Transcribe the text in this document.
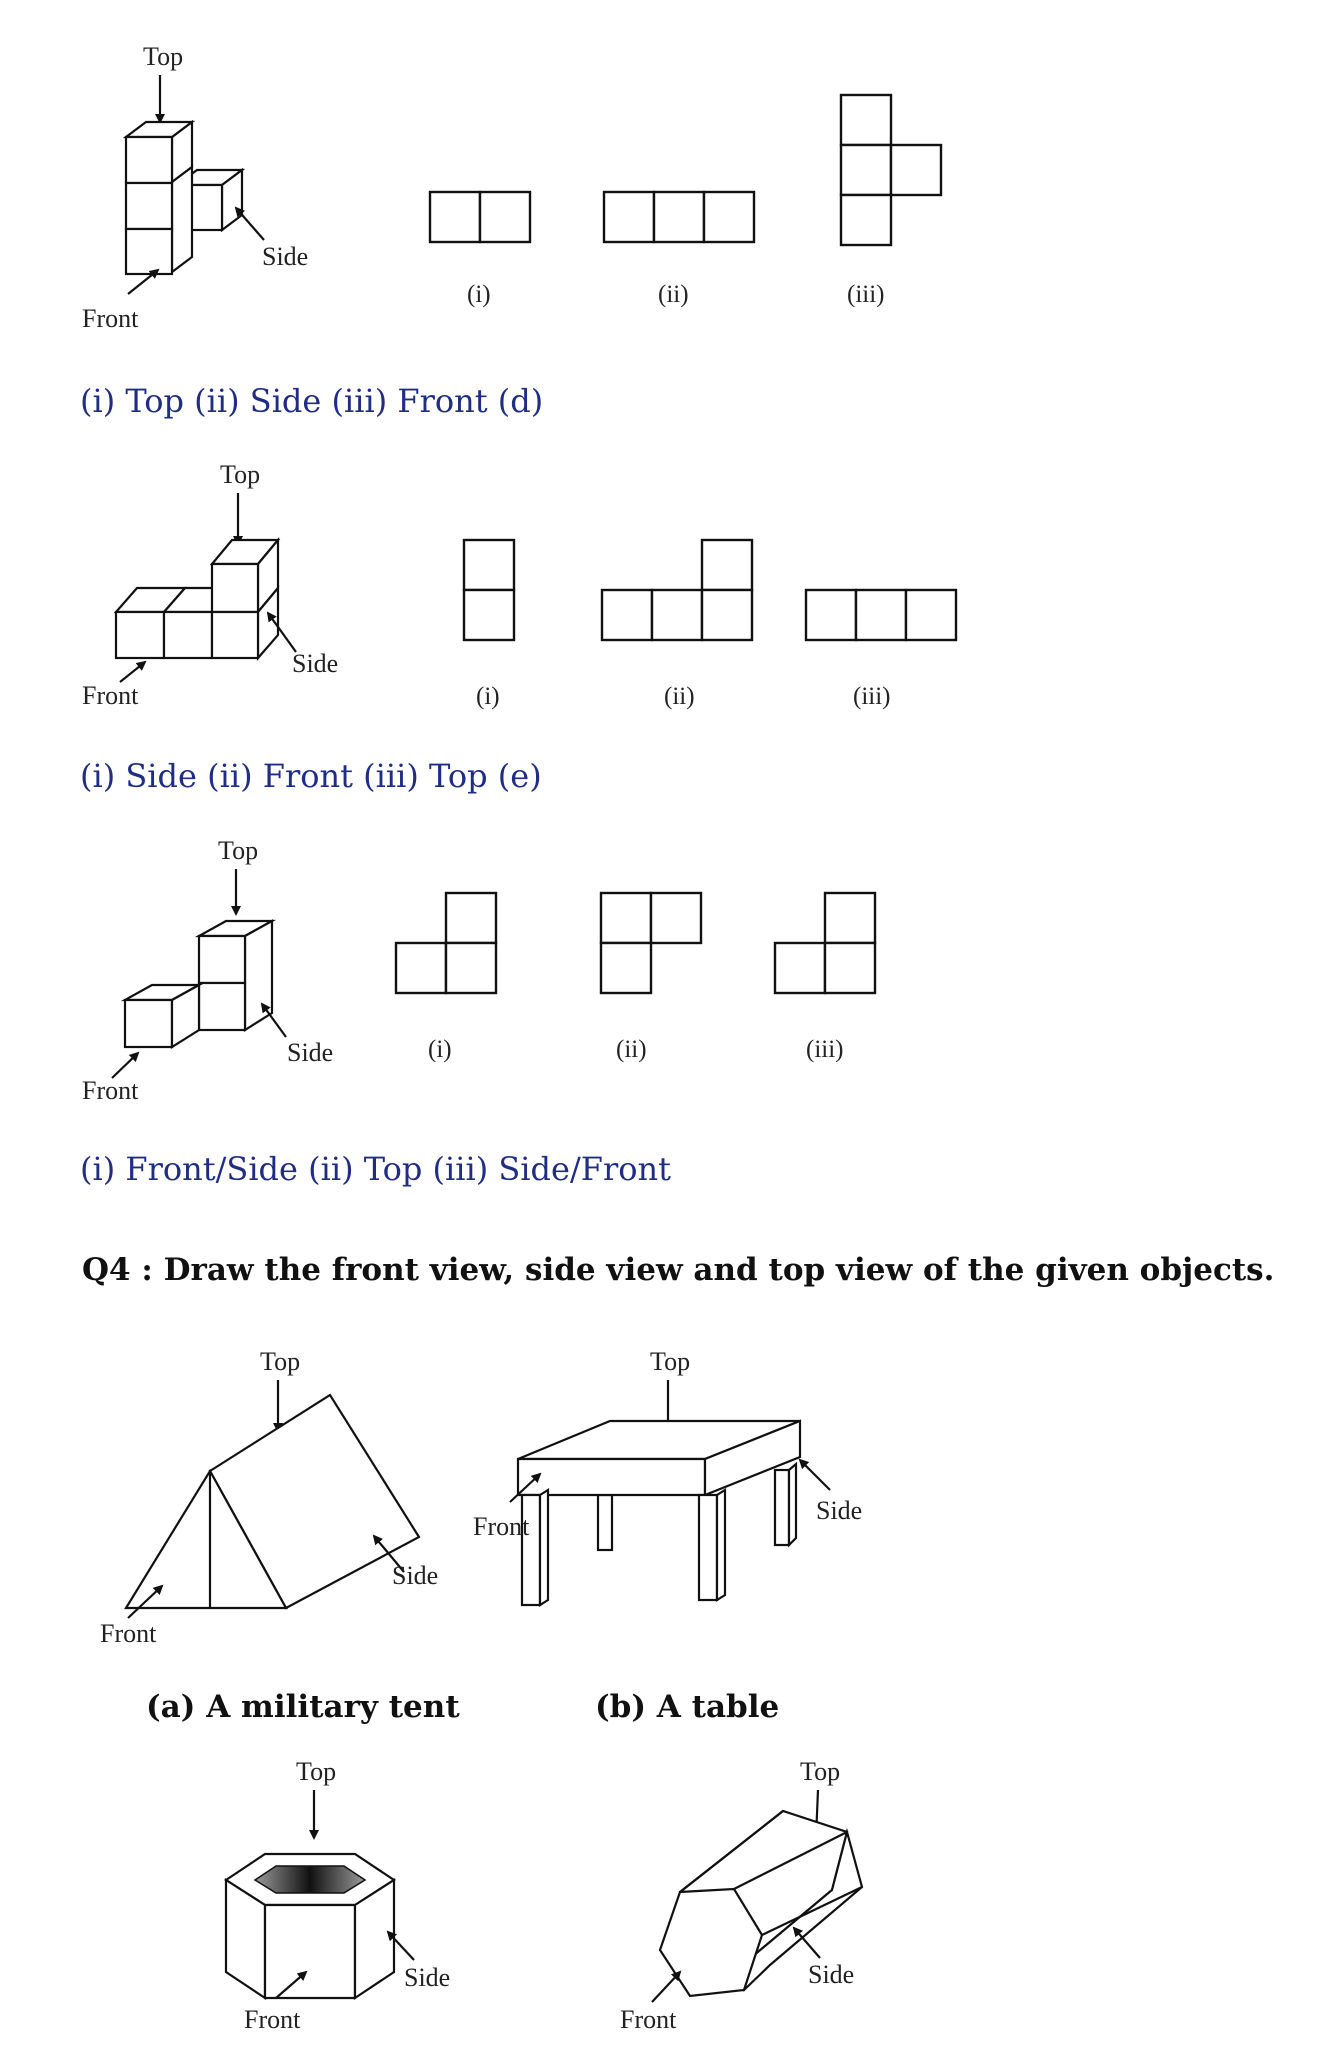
Top
Side
Front
(i)	(ii)	(iii)
(i) Top (ii) Side (iii) Front (d)
Top
Side
Front	(i)	(ii)	(iii)
(i) Side (ii) Front (iii) Top (e)
Top
Side
Front
(i)	(ii)	(iii)
(i) Front/Side (ii) Top (iii) Side/Front
Q4 : Draw the front view, side view and top view of the given objects.
Top
Side
Front
(a) A military tent
Top
Front
Side
(b) A table
Top
Side
Front
Top
Side
Front
